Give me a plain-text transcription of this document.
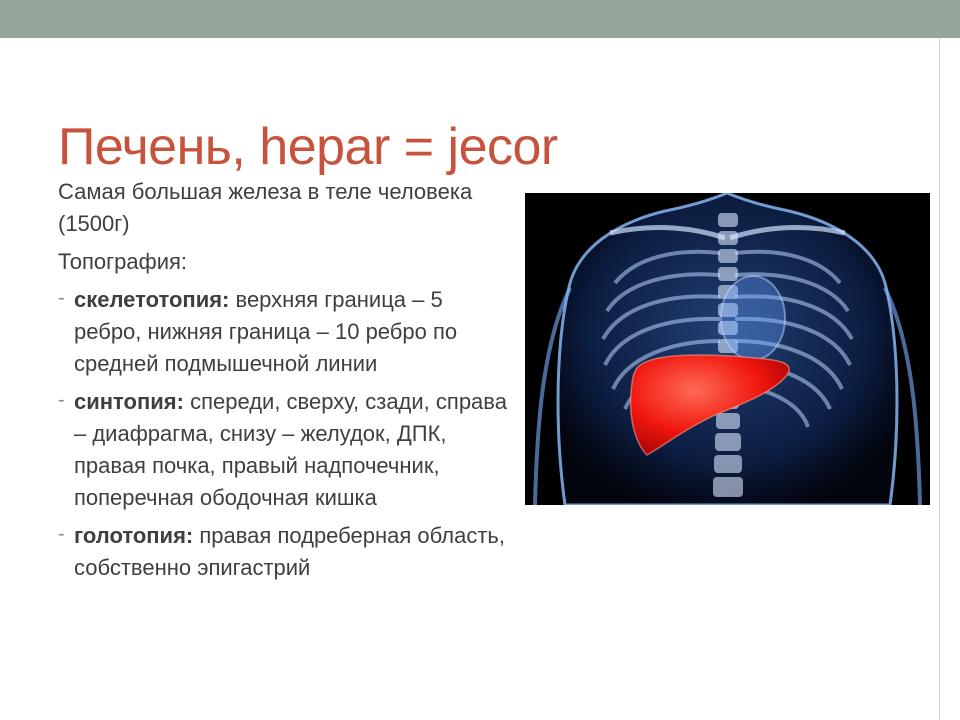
Печень, hepar = jecor

Самая большая железа в теле человека (1500г)

Топография:

- скелетотопия: верхняя граница – 5 ребро, нижняя граница – 10 ребро по средней подмышечной линии
- синтопия: спереди, сверху, сзади, справа – диафрагма, снизу – желудок, ДПК, правая почка, правый надпочечник, поперечная ободочная кишка
- голотопия: правая подреберная область, собственно эпигастрий
